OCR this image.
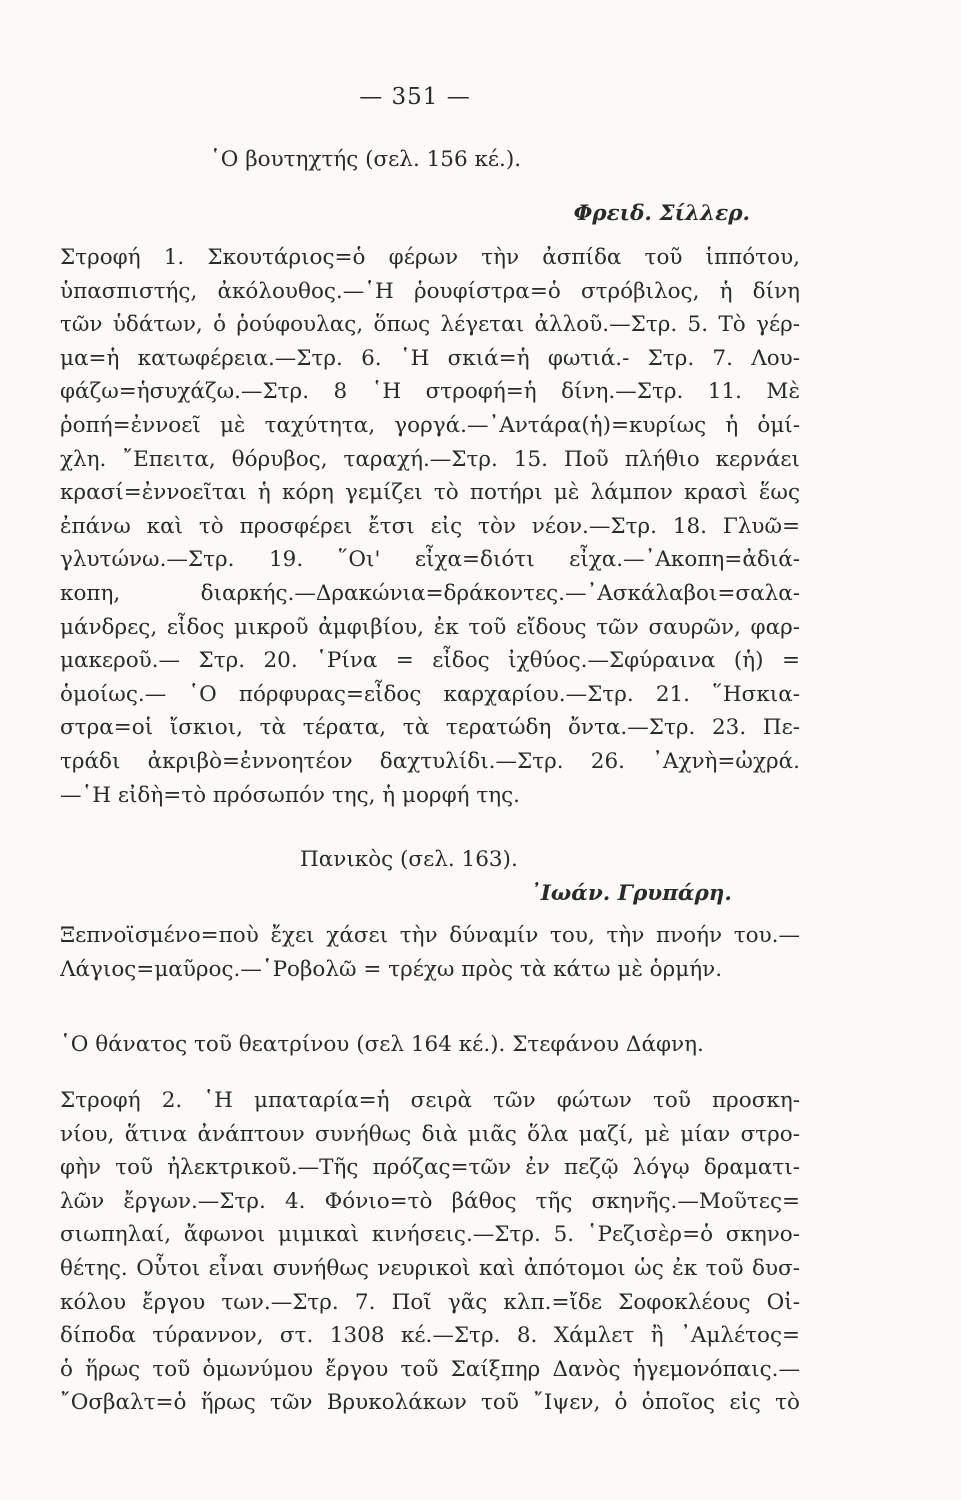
— 351 —
῾Ο βουτηχτής (σελ. 156 κέ.).
Φρειδ. Σίλλερ.
Στροφή 1. Σκουτάριος=ὁ φέρων τὴν ἀσπίδα τοῦ ἱππότου,
ὑπασπιστής, ἀκόλουθος.—῾Η ῥουφίστρα=ὁ στρόβιλος, ἡ δίνη
τῶν ὑδάτων, ὁ ῥούφουλας, ὅπως λέγεται ἀλλοῦ.—Στρ. 5. Τὸ γέρ-
μα=ἡ κατωφέρεια.—Στρ. 6. ῾Η σκιά=ἡ φωτιά.- Στρ. 7. Λου-
φάζω=ἡσυχάζω.—Στρ. 8 ῾Η στροφή=ἡ δίνη.—Στρ. 11. Μὲ
ῥοπή=ἐννοεῖ μὲ ταχύτητα, γοργά.—᾿Αντάρα(ἡ)=κυρίως ἡ ὁμί-
χλη. ῎Επειτα, θόρυβος, ταραχή.—Στρ. 15. Ποῦ πλήθιο κερνάει
κρασί=ἐννοεῖται ἡ κόρη γεμίζει τὸ ποτήρι μὲ λάμπον κρασὶ ἕως
ἐπάνω καὶ τὸ προσφέρει ἔτσι εἰς τὸν νέον.—Στρ. 18. Γλυῶ=
γλυτώνω.—Στρ. 19. ῞Οι' εἶχα=διότι εἶχα.—᾿Ακοπη=ἀδιά-
κοπη, διαρκής.—Δρακώνια=δράκοντες.—᾿Ασκάλαβοι=σαλα-
μάνδρες, εἶδος μικροῦ ἀμφιβίου, ἐκ τοῦ εἴδους τῶν σαυρῶν, φαρ-
μακεροῦ.— Στρ. 20. ῾Ρίνα = εἶδος ἰχθύος.—Σφύραινα (ἡ) =
ὁμοίως.— ῾Ο πόρφυρας=εἶδος καρχαρίου.—Στρ. 21. ῞Ησκια-
στρα=οἱ ἴσκιοι, τὰ τέρατα, τὰ τερατώδη ὄντα.—Στρ. 23. Πε-
τράδι ἀκριβὸ=ἐννοητέον δαχτυλίδι.—Στρ. 26. ᾿Αχνὴ=ὠχρά.
—῾Η εἰδὴ=τὸ πρόσωπόν της, ἡ μορφή της.
Πανικὸς (σελ. 163).
᾿Ιωάν. Γρυπάρη.
Ξεπνοϊσμένο=ποὺ ἔχει χάσει τὴν δύναμίν του, τὴν πνοήν του.—
Λάγιος=μαῦρος.—῾Ροβολῶ = τρέχω πρὸς τὰ κάτω μὲ ὁρμήν.
῾Ο θάνατος τοῦ θεατρίνου (σελ 164 κέ.). Στεφάνου Δάφνη.
Στροφή 2. ῾Η μπαταρία=ἡ σειρὰ τῶν φώτων τοῦ προσκη-
νίου, ἅτινα ἀνάπτουν συνήθως διὰ μιᾶς ὅλα μαζί, μὲ μίαν στρο-
φὴν τοῦ ἠλεκτρικοῦ.—Τῆς πρόζας=τῶν ἐν πεζῷ λόγῳ δραματι-
λῶν ἔργων.—Στρ. 4. Φόνιο=τὸ βάθος τῆς σκηνῆς.—Μοῦτες=
σιωπηλαί, ἄφωνοι μιμικαὶ κινήσεις.—Στρ. 5. ῾Ρεζισὲρ=ὁ σκηνο-
θέτης. Οὗτοι εἶναι συνήθως νευρικοὶ καὶ ἀπότομοι ὡς ἐκ τοῦ δυσ-
κόλου ἔργου των.—Στρ. 7. Ποῖ γᾶς κλπ.=ἴδε Σοφοκλέους Οἰ-
δίποδα τύραννον, στ. 1308 κέ.—Στρ. 8. Χάμλετ ἢ ᾿Αμλέτος=
ὁ ἥρως τοῦ ὁμωνύμου ἔργου τοῦ Σαίξπηρ Δανὸς ἡγεμονόπαις.—
῎Οσβαλτ=ὁ ἥρως τῶν Βρυκολάκων τοῦ ῎Ιψεν, ὁ ὁποῖος εἰς τὸ
